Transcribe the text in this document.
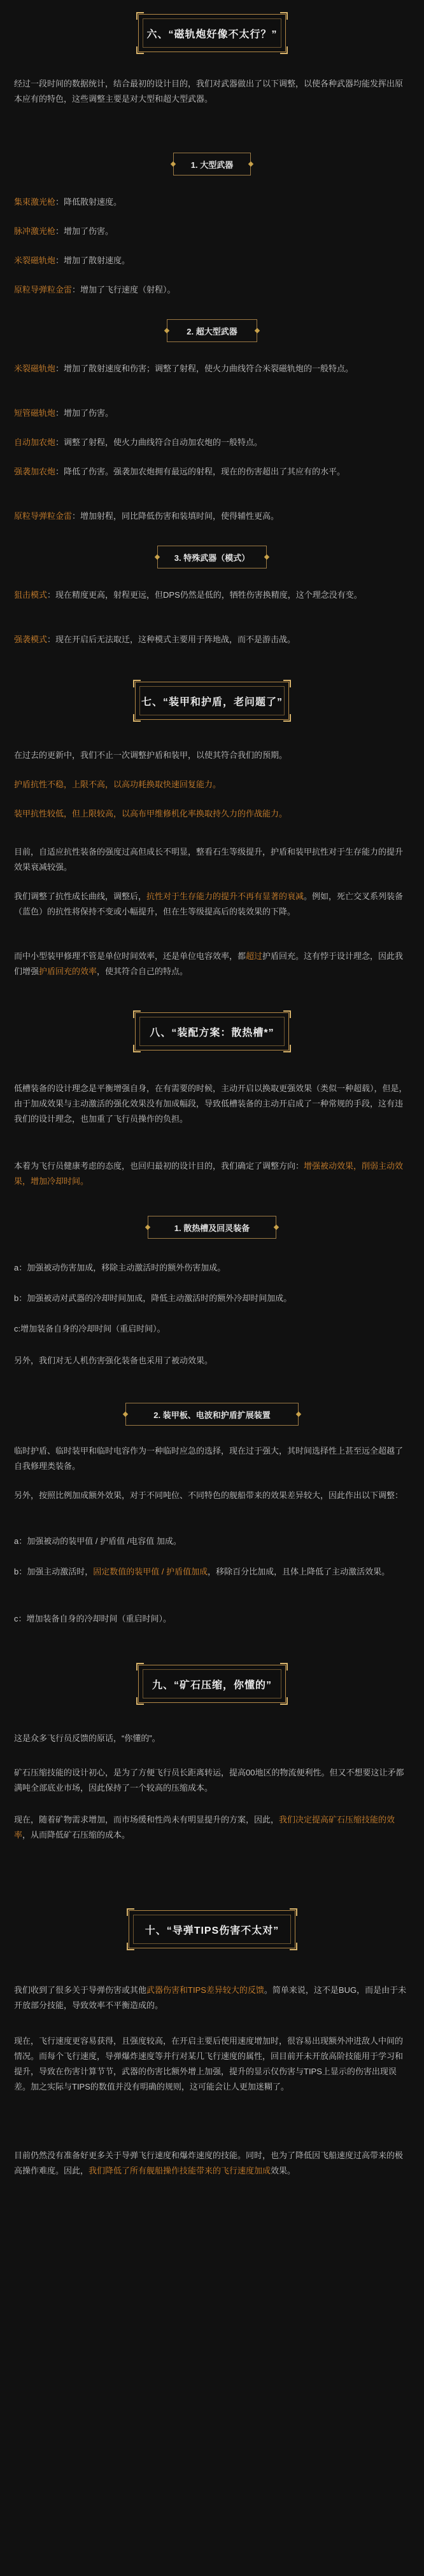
六、“磁轨炮好像不太行？”

经过一段时间的数据统计，结合最初的设计目的，我们对武器做出了以下调整，以使各种武器均能发挥出原本应有的特色，这些调整主要是对大型和超大型武器。

1. 大型武器

集束激光枪：降低散射速度。

脉冲激光枪：增加了伤害。

米裂磁轨炮：增加了散射速度。

原粒导弹粒金雷：增加了飞行速度（射程）。

2. 超大型武器

米裂磁轨炮：增加了散射速度和伤害；调整了射程，使火力曲线符合米裂磁轨炮的一般特点。

短管磁轨炮：增加了伤害。

自动加农炮：调整了射程，使火力曲线符合自动加农炮的一般特点。

强袭加农炮：降低了伤害。强袭加农炮拥有最远的射程，现在的伤害超出了其应有的水平。

原粒导弹粒金雷：增加射程，同比降低伤害和装填时间，使得辅性更高。

3. 特殊武器（模式）

狙击模式：现在精度更高，射程更远，但DPS仍然是低的，牺牲伤害换精度，这个理念没有变。

强袭模式：现在开启后无法取迁，这种模式主要用于阵地战，而不是游击战。

七、“装甲和护盾，老问题了”

在过去的更新中，我们不止一次调整护盾和装甲，以使其符合我们的预期。

护盾抗性不稳，上限不高，以高功耗换取快速回复能力。

装甲抗性较低，但上限较高，以高布甲维修机化率换取持久力的作战能力。

目前，自适应抗性装备的强度过高但成长不明显，整看石生等级提升，护盾和装甲抗性对于生存能力的提升效果衰减较强。

我们调整了抗性成长曲线，调整后，抗性对于生存能力的提升不再有显著的衰减。例如，死亡交叉系列装备（蓝色）的抗性将保持不变或小幅提升，但在生等级提高后的装效果的下降。

而中小型装甲修理不管是单位时间效率，还是单位电容效率，都超过护盾回充。这有悖于设计理念，因此我们增强护盾回充的效率，使其符合自己的特点。

八、“装配方案：散热槽*”

低槽装备的设计理念是平衡增强自身，在有需要的时候，主动开启以换取更强效果（类似一种超载），但是，由于加成效果与主动激活的强化效果没有加成幅段，导致低槽装备的主动开启成了一种常规的手段，这有违我们的设计理念，也加重了飞行员操作的负担。

本着为飞行员健康考虑的态度，也回归最初的设计目的，我们确定了调整方向：增强被动效果，削弱主动效果，增加冷却时间。

1. 散热槽及回灵装备

a：加强被动伤害加成，移除主动激活时的额外伤害加成。

b：加强被动对武器的冷却时间加成，降低主动激活时的额外冷却时间加成。

c:增加装备自身的冷却时间（重启时间）。

另外，我们对无人机伤害强化装备也采用了被动效果。

2. 装甲板、电波和护盾扩展装置

临时护盾、临时装甲和临时电容作为一种临时应急的选择，现在过于强大，其时间选择性上甚至远全超越了自我修理类装备。

另外，按照比例加成额外效果，对于不同吨位、不同特色的舰船带来的效果差异较大，因此作出以下调整：

a：加强被动的装甲值 / 护盾值 /电容值 加成。

b：加强主动激活时，固定数值的装甲值 / 护盾值加成，移除百分比加成，且体上降低了主动激活效果。

c：增加装备自身的冷却时间（重启时间）。

九、“矿石压缩，你懂的”

这是众多飞行员反馈的原话，“你懂的”。

矿石压缩技能的设计初心，是为了方便飞行员长距离转运，提高00地区的物流便利性。但又不想要这让矛都满吨全部底业市场，因此保持了一个较高的压缩成本。

现在，随着矿物需求增加，而市场缓和性尚未有明显提升的方案，因此，我们决定提高矿石压缩技能的效率，从而降低矿石压缩的成本。

十、“导弹TIPS伤害不太对”

我们收到了很多关于导弹伤害或其他武器伤害和TIPS差异较大的反馈。简单来说，这不是BUG，而是由于未开放部分技能，导致效率不平衡造成的。

现在，飞行速度更容易获得，且强度较高，在开启主要后使用速度增加时，很容易出现额外冲进敌人中间的情况。而每个飞行速度，导弹爆炸速度等并行对某几飞行速度的属性，回目前开未开放高阶技能用于学习和提升，导致在伤害计算节节，武器的伤害比额外增上加强，提升的显示仅伤害与TIPS上显示的伤害出现误差。加之实际与TIPS的数值并没有明确的规则，这可能会让人更加迷糊了。

目前仍然没有准备好更多关于导弹飞行速度和爆炸速度的技能。同时，也为了降低因飞船速度过高带来的极高操作难度。因此，我们降低了所有舰船操作技能带来的飞行速度加成效果。
